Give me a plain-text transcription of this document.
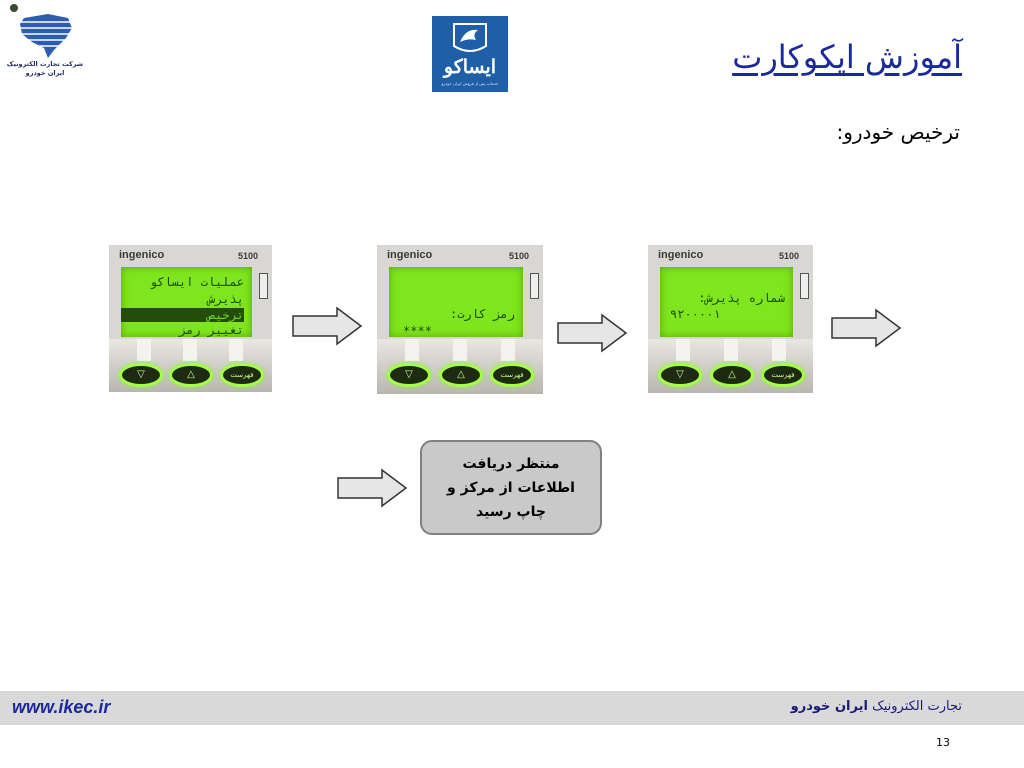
شرکت تجارت الکترونیک
ایران خودرو	ایساکو
خدمات پس از فروش ایران خودرو
آموزش ایکوکارت
ترخیص خودرو:
ingenico	5100
عملیات ایساکو
پذیرش
ترخیص
تغییر رمز
▽	△	فهرست
ingenico	5100
رمز کارت:
****
▽	△	فهرست
ingenico	5100
شماره پذیرش:
۹۲۰۰۰۰۱
▽	△	فهرست
منتظر دریافت
اطلاعات از مرکز و
چاپ رسید
www.ikec.ir	تجارت الکترونیک ایران خودرو
13
